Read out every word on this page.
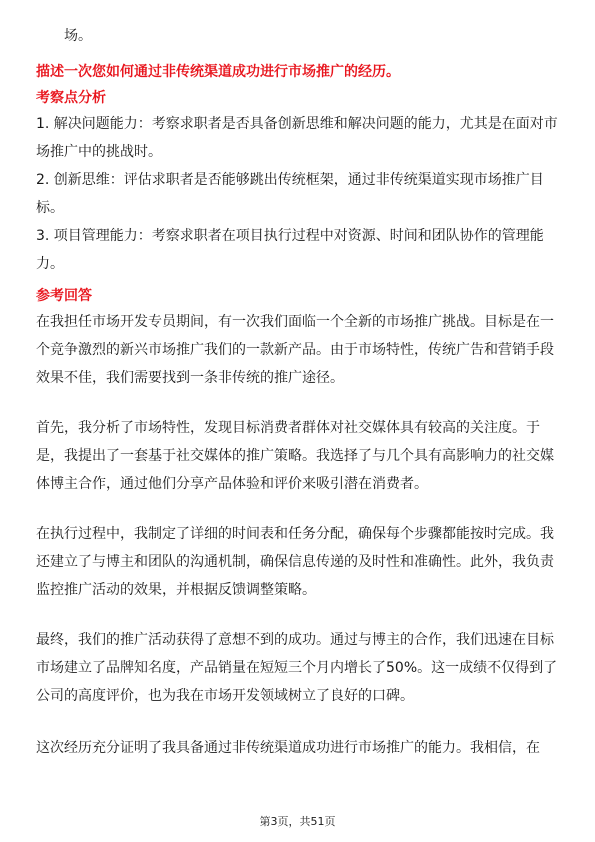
场。

描述一次您如何通过非传统渠道成功进行市场推广的经历。
考察点分析

1. 解决问题能力：考察求职者是否具备创新思维和解决问题的能力，尤其是在面对市场推广中的挑战时。

2. 创新思维：评估求职者是否能够跳出传统框架，通过非传统渠道实现市场推广目标。

3. 项目管理能力：考察求职者在项目执行过程中对资源、时间和团队协作的管理能力。

参考回答

在我担任市场开发专员期间，有一次我们面临一个全新的市场推广挑战。目标是在一个竞争激烈的新兴市场推广我们的一款新产品。由于市场特性，传统广告和营销手段效果不佳，我们需要找到一条非传统的推广途径。

首先，我分析了市场特性，发现目标消费者群体对社交媒体具有较高的关注度。于是，我提出了一套基于社交媒体的推广策略。我选择了与几个具有高影响力的社交媒体博主合作，通过他们分享产品体验和评价来吸引潜在消费者。

在执行过程中，我制定了详细的时间表和任务分配，确保每个步骤都能按时完成。我还建立了与博主和团队的沟通机制，确保信息传递的及时性和准确性。此外，我负责监控推广活动的效果，并根据反馈调整策略。

最终，我们的推广活动获得了意想不到的成功。通过与博主的合作，我们迅速在目标市场建立了品牌知名度，产品销量在短短三个月内增长了50%。这一成绩不仅得到了公司的高度评价，也为我在市场开发领域树立了良好的口碑。

这次经历充分证明了我具备通过非传统渠道成功进行市场推广的能力。我相信，在

第3页，共51页
